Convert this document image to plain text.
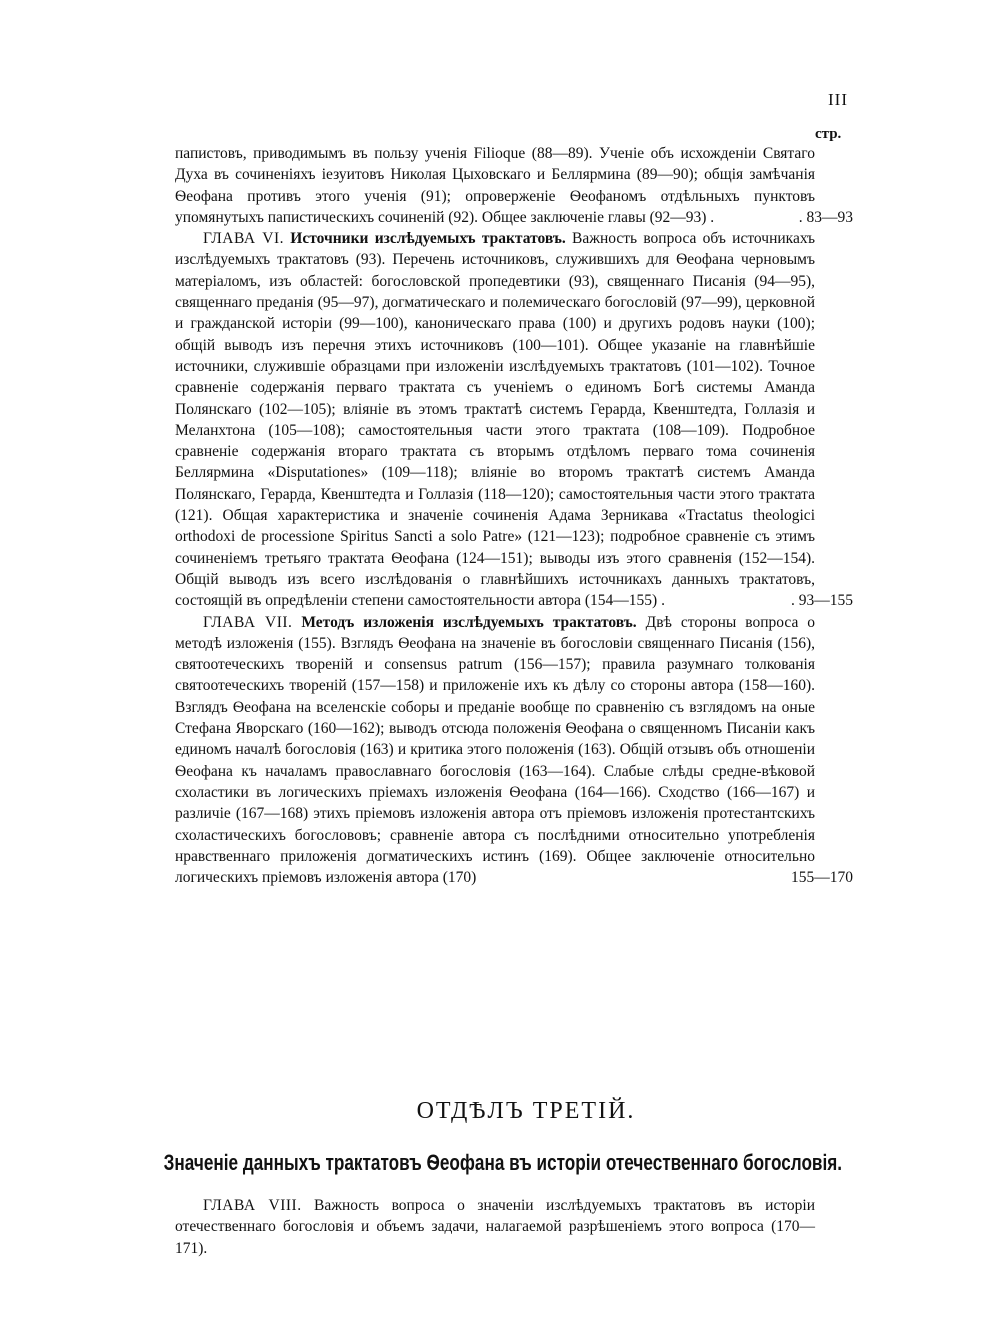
III
стр.
папистовъ, приводимымъ въ пользу ученія Filioque (88—89). Ученіе объ исхожденіи Святаго Духа въ сочиненіяхъ іезуитовъ Николая Цыховскаго и Беллярмина (89—90); общія замѣчанія Ѳеофана противъ этого ученія (91); опроверженіе Ѳеофаномъ отдѣльныхъ пунктовъ упомянутыхъ папистическихъ сочиненій (92). Общее заключеніе главы (92—93) .	. 83—93
ГЛАВА VI. Источники изслѣдуемыхъ трактатовъ. Важность вопроса объ источникахъ изслѣдуемыхъ трактатовъ (93). Перечень источниковъ, служившихъ для Ѳеофана черновымъ матеріаломъ, изъ областей: богословской пропедевтики (93), священнаго Писанія (94—95), священнаго преданія (95—97), догматическаго и полемическаго богословій (97—99), церковной и гражданской исторіи (99—100), каноническаго права (100) и другихъ родовъ науки (100); общій выводъ изъ перечня этихъ источниковъ (100—101). Общее указаніе на главнѣйшіе источники, служившіе образцами при изложеніи изслѣдуемыхъ трактатовъ (101—102). Точное сравненіе содержанія перваго трактата съ ученіемъ о единомъ Богѣ системы Аманда Полянскаго (102—105); вліяніе въ этомъ трактатѣ системъ Герарда, Квенштедта, Голлазія и Меланхтона (105—108); самостоятельныя части этого трактата (108—109). Подробное сравненіе содержанія втораго трактата съ вторымъ отдѣломъ перваго тома сочиненія Беллярмина «Disputationes» (109—118); вліяніе во второмъ трактатѣ системъ Аманда Полянскаго, Герарда, Квенштедта и Голлазія (118—120); самостоятельныя части этого трактата (121). Общая характеристика и значеніе сочиненія Адама Зерникава «Tractatus theologici orthodoxi de processione Spiritus Sancti a solo Patre» (121—123); подробное сравненіе съ этимъ сочиненіемъ третьяго трактата Ѳеофана (124—151); выводы изъ этого сравненія (152—154). Общій выводъ изъ всего изслѣдованія о главнѣйшихъ источникахъ данныхъ трактатовъ, состоящій въ опредѣленіи степени самостоятельности автора (154—155) .	. 93—155
ГЛАВА VII. Методъ изложенія изслѣдуемыхъ трактатовъ. Двѣ стороны вопроса о методѣ изложенія (155). Взглядъ Ѳеофана на значеніе въ богословіи священнаго Писанія (156), святоотеческихъ твореній и consensus patrum (156—157); правила разумнаго толкованія святоотеческихъ твореній (157—158) и приложеніе ихъ къ дѣлу со стороны автора (158—160). Взглядъ Ѳеофана на вселенскіе соборы и преданіе вообще по сравненію съ взглядомъ на оные Стефана Яворскаго (160—162); выводъ отсюда положенія Ѳеофана о священномъ Писаніи какъ единомъ началѣ богословія (163) и критика этого положенія (163). Общій отзывъ объ отношеніи Ѳеофана къ началамъ православнаго богословія (163—164). Слабые слѣды средне-вѣковой схоластики въ логическихъ пріемахъ изложенія Ѳеофана (164—166). Сходство (166—167) и различіе (167—168) этихъ пріемовъ изложенія автора отъ пріемовъ изложенія протестантскихъ схоластическихъ богослововъ; сравненіе автора съ послѣдними относительно употребленія нравственнаго приложенія догматическихъ истинъ (169). Общее заключеніе относительно логическихъ пріемовъ изложенія автора (170)	155—170
ОТДѢЛЪ ТРЕТІЙ.
Значеніе данныхъ трактатовъ Ѳеофана въ исторіи отечественнаго богословія.
ГЛАВА VIII. Важность вопроса о значеніи изслѣдуемыхъ трактатовъ въ исторіи отечественнаго богословія и объемъ задачи, налагаемой разрѣшеніемъ этого вопроса (170—171).
